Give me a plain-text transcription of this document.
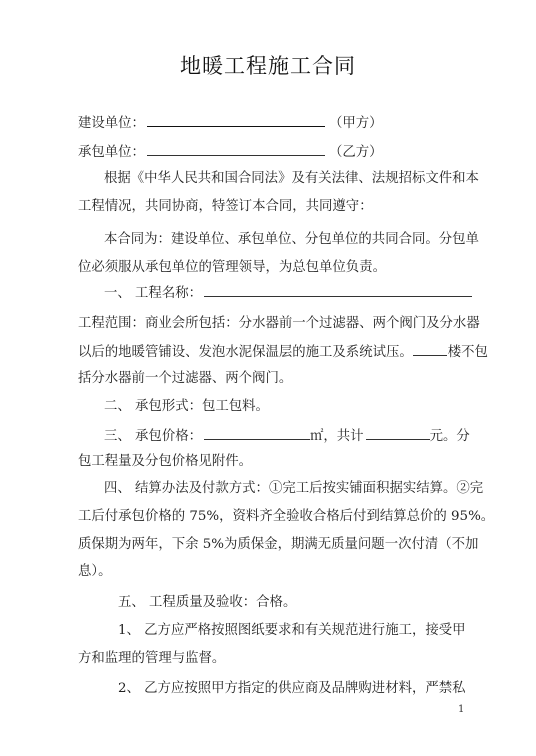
地暖工程施工合同
建设单位：	（甲方）
承包单位：	（乙方）
根据《中华人民共和国合同法》及有关法律、法规招标文件和本
工程情况，共同协商，特签订本合同，共同遵守：
本合同为：建设单位、承包单位、分包单位的共同合同。分包单
位必须服从承包单位的管理领导，为总包单位负责。
一、 工程名称：
工程范围：商业会所包括：分水器前一个过滤器、两个阀门及分水器
以后的地暖管铺设、发泡水泥保温层的施工及系统试压。	楼不包
括分水器前一个过滤器、两个阀门。
二、 承包形式：包工包料。
三、 承包价格：	㎡，共计	元。分
包工程量及分包价格见附件。
四、 结算办法及付款方式：①完工后按实铺面积据实结算。②完
工后付承包价格的 75%，资料齐全验收合格后付到结算总价的 95%。
质保期为两年，下余 5%为质保金，期满无质量问题一次付清（不加
息）。
五、 工程质量及验收：合格。
1、 乙方应严格按照图纸要求和有关规范进行施工，接受甲
方和监理的管理与监督。
2、 乙方应按照甲方指定的供应商及品牌购进材料，严禁私
1
